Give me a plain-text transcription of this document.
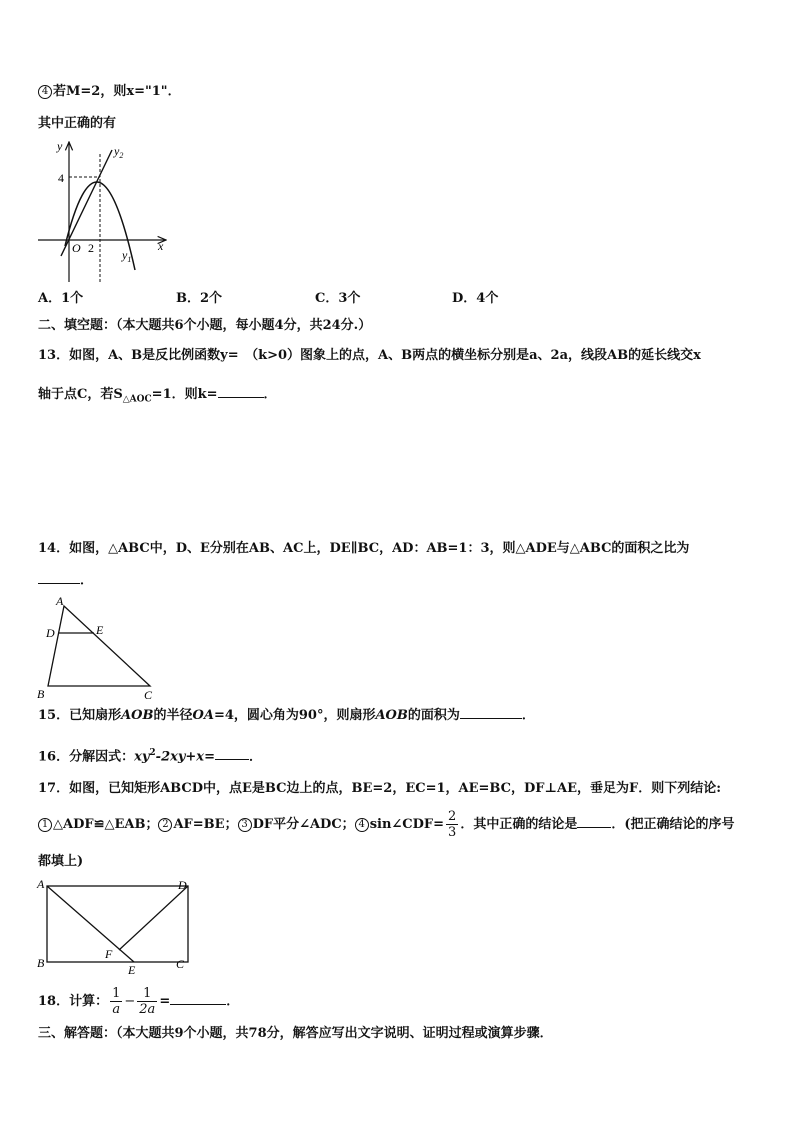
4 若M=2，则x="1"．
其中正确的有
y
x
4
O 2
$y_2$
$y_1$
A．1个	B．2个	C．3个	D．4个
二、填空题：（本大题共6个小题，每小题4分，共24分.）
13．如图，A、B是反比例函数y=　（k>0）图象上的点，A、B两点的横坐标分别是a、2a，线段AB的延长线交x
轴于点C，若$S_{\triangle AOC}=1$．则k=	．
14．如图，△ABC中，D、E分别在AB、AC上，DE∥BC，AD：AB=1：3，则△ADE与△ABC的面积之比为
．
A
D	E
B	C
15．已知扇形AOB的半径OA=4，圆心角为90°，则扇形AOB的面积为	．
16．分解因式：$xy^2-2xy+x=$	．
17．如图，已知矩形ABCD中，点E是BC边上的点，BE=2，EC=1，AE=BC，DF⊥AE，垂足为F．则下列结论:
1 △ADF≌△EAB； 2 AF=BE； 3 DF平分∠ADC； 4 sin∠CDF= $\frac{2}{3}$ ．其中正确的结论是	．(把正确结论的序号
都填上)
A	D
B
F
E	C
18．计算： $\frac{1}{a} - \frac{1}{2a}$ =	．
三、解答题：（本大题共9个小题，共78分，解答应写出文字说明、证明过程或演算步骤．
